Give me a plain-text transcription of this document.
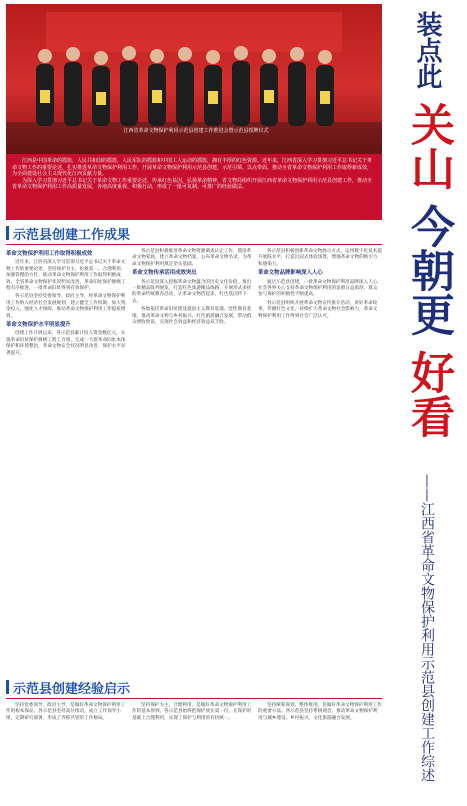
江西省革命文物保护利用示范县创建工作推进会暨示范县授牌仪式

江西是中国革命的摇篮，人民共和国的摇篮，人民军队的摇篮和中国工人运动的摇篮，拥有丰厚的红色资源。近年来，江西省深入学习贯彻习近平总书记关于革命文物工作的重要论述，扎实推进革命文物保护利用工作，开展革命文物保护利用示范县创建，示范引领、以点带面，推动全省革命文物保护利用工作取得新成效，为全面建设社会主义现代化江西贡献力量。

为深入学习贯彻习近平总书记关于革命文物工作重要论述，传承红色基因，弘扬革命精神，省文物局组织开展江西省革命文物保护利用示范县创建工作，推动全省革命文物保护利用工作高质量发展，各地高度重视、积极行动，形成了一批可复制、可推广的经验做法。

装点此
关山
今朝更
好看
——江西省革命文物保护利用示范县创建工作综述
示范县创建工作成果
革命文物保护利用工作取得积极成效

近年来，江西省深入学习贯彻习近平总书记关于革命文物工作的重要论述，坚持保护为主、抢救第一、合理利用、加强管理的方针，推动革命文物保护利用工作取得积极成效。全省革命文物保护状况明显改善，革命旧址保护修缮工程有序推进，一批革命旧址得到有效保护。

各示范县坚持党委领导、政府主导，将革命文物保护利用工作纳入经济社会发展规划，建立健全工作机制，加大资金投入，强化人才保障，推动革命文物保护利用工作提质增效。

革命文物保护水平明显提升

创建工作开展以来，各示范县累计投入资金数亿元，实施革命旧址保护修缮工程上百项，完成一大批革命旧址本体保护和环境整治，革命文物安全状况明显改善，保护水平显著提升。

各示范县积极推进革命文物资源调查认定工作，摸清革命文物家底，建立革命文物档案，公布革命文物名录，为革命文物保护利用奠定坚实基础。

革命文物传承活用成效突出

各示范县深入挖掘革命文物蕴含的历史文化价值，推出一批精品陈列展览，打造红色旅游精品线路，开展形式多样的革命传统教育活动，让革命文物活起来，红色基因传下去。

各地依托革命旧址建设爱国主义教育基地、党性教育基地，推动革命文物与乡村振兴、红色旅游融合发展，带动群众增收致富，实现社会效益和经济效益双丰收。

各示范县积极创新革命文物展示方式，运用数字化技术提升展陈水平，打造沉浸式体验场景，增强革命文物的吸引力和感染力。

革命文物品牌影响深入人心

通过示范县创建，一批革命文物保护利用品牌深入人心，社会各界关心支持革命文物保护利用的氛围日益浓厚，群众参与保护的积极性不断提高。

各示范县组织开展革命文物宣传推介活动，讲好革命故事，传播红色文化，持续扩大革命文物社会影响力，革命文物保护利用工作得到社会广泛认可。

示范县创建经验启示

坚持党委领导、政府主导，是做好革命文物保护利用工作的根本保证。各示范县坚持高位推动，成立工作领导小组，定期研究部署，形成了齐抓共管的工作格局。

坚持保护为主、合理利用，是做好革命文物保护利用工作的基本原则。各示范县始终把保护放在第一位，在保护的基础上合理利用，实现了保护与利用的有机统一。

坚持统筹谋划、整体推进，是做好革命文物保护利用工作的重要方法。各示范县坚持系统观念，推动革命文物保护利用与城乡建设、乡村振兴、文化旅游融合发展。
